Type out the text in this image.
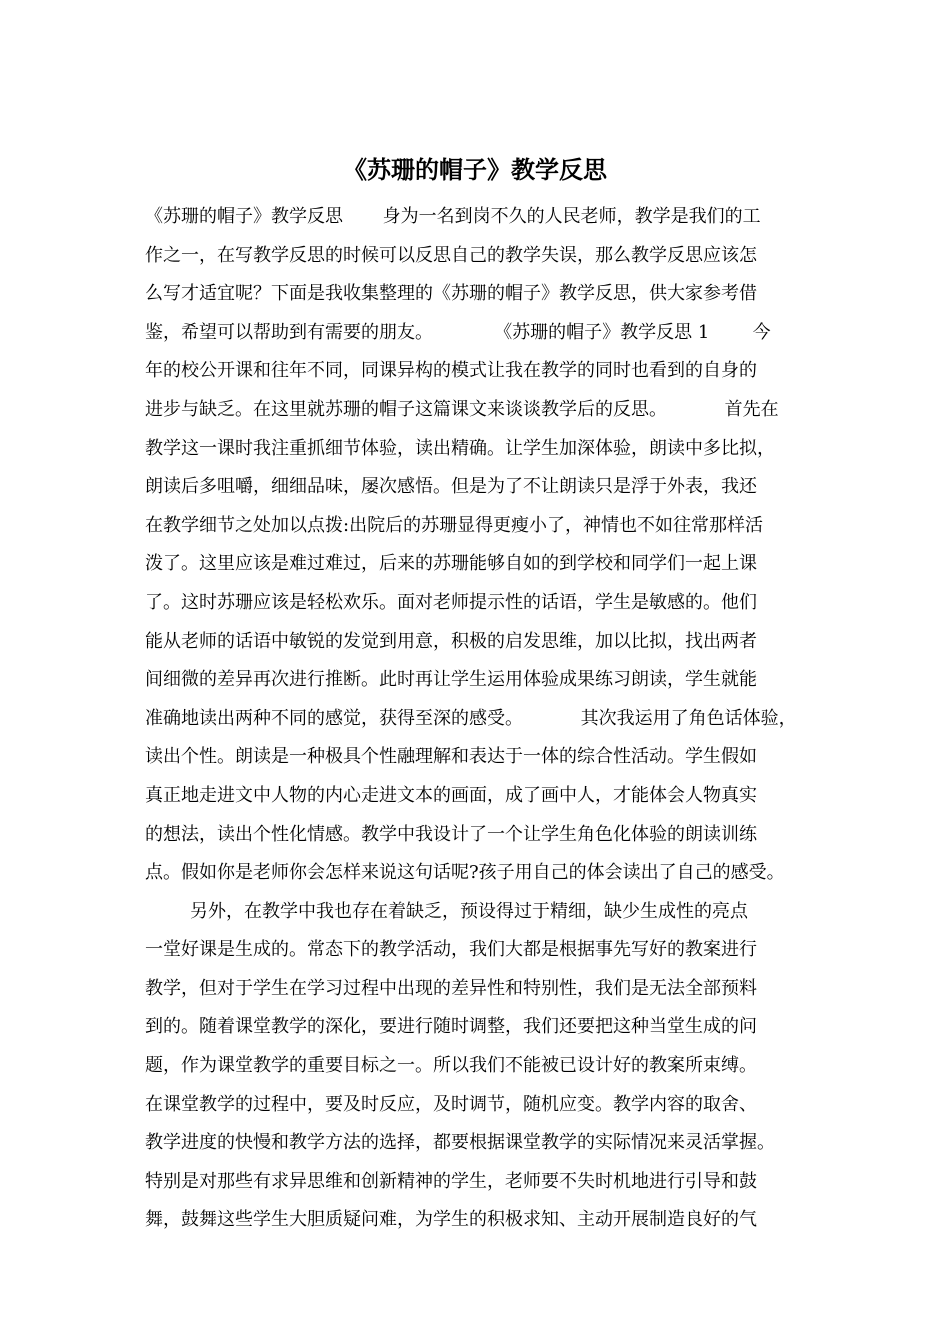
《苏珊的帽子》教学反思
《苏珊的帽子》教学反思 身为一名到岗不久的人民老师，教学是我们的工
作之一，在写教学反思的时候可以反思自己的教学失误，那么教学反思应该怎
么写才适宜呢？下面是我收集整理的《苏珊的帽子》教学反思，供大家参考借
鉴，希望可以帮助到有需要的朋友。	《苏珊的帽子》教学反思 1 今
年的校公开课和往年不同，同课异构的模式让我在教学的同时也看到的自身的
进步与缺乏。在这里就苏珊的帽子这篇课文来谈谈教学后的反思。	首先在
教学这一课时我注重抓细节体验，读出精确。让学生加深体验，朗读中多比拟，
朗读后多咀嚼，细细品味，屡次感悟。但是为了不让朗读只是浮于外表，我还
在教学细节之处加以点拨:出院后的苏珊显得更瘦小了，神情也不如往常那样活
泼了。这里应该是难过难过，后来的苏珊能够自如的到学校和同学们一起上课
了。这时苏珊应该是轻松欢乐。面对老师提示性的话语，学生是敏感的。他们
能从老师的话语中敏锐的发觉到用意，积极的启发思维，加以比拟，找出两者
间细微的差异再次进行推断。此时再让学生运用体验成果练习朗读，学生就能
准确地读出两种不同的感觉，获得至深的感受。	其次我运用了角色话体验，
读出个性。朗读是一种极具个性融理解和表达于一体的综合性活动。学生假如
真正地走进文中人物的内心走进文本的画面，成了画中人，才能体会人物真实
的想法，读出个性化情感。教学中我设计了一个让学生角色化体验的朗读训练
点。假如你是老师你会怎样来说这句话呢?孩子用自己的体会读出了自己的感受。
另外，在教学中我也存在着缺乏，预设得过于精细，缺少生成性的亮点
一堂好课是生成的。常态下的教学活动，我们大都是根据事先写好的教案进行
教学，但对于学生在学习过程中出现的差异性和特别性，我们是无法全部预料
到的。随着课堂教学的深化，要进行随时调整，我们还要把这种当堂生成的问
题，作为课堂教学的重要目标之一。所以我们不能被已设计好的教案所束缚。
在课堂教学的过程中，要及时反应，及时调节，随机应变。教学内容的取舍、
教学进度的快慢和教学方法的选择，都要根据课堂教学的实际情况来灵活掌握。
特别是对那些有求异思维和创新精神的学生，老师要不失时机地进行引导和鼓
舞，鼓舞这些学生大胆质疑问难，为学生的积极求知、主动开展制造良好的气
